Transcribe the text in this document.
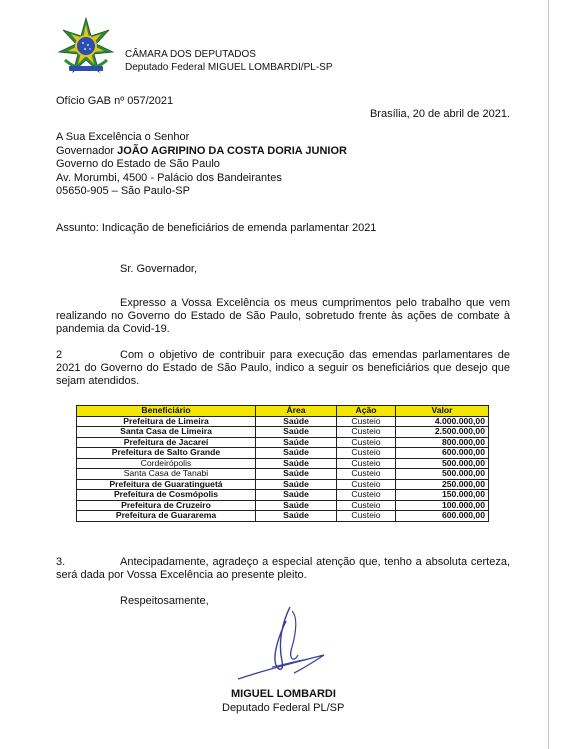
CÂMARA DOS DEPUTADOS
Deputado Federal MIGUEL LOMBARDI/PL-SP
Ofício GAB nº 057/2021
Brasília, 20 de abril de 2021.
A Sua Excelência o Senhor
Governador JOÃO AGRIPINO DA COSTA DORIA JUNIOR
Governo do Estado de São Paulo
Av. Morumbi, 4500 - Palácio dos Bandeirantes
05650-905 – São Paulo-SP
Assunto: Indicação de beneficiários de emenda parlamentar 2021
Sr. Governador,
Expresso a Vossa Excelência os meus cumprimentos pelo trabalho que vem realizando no Governo do Estado de São Paulo, sobretudo frente às ações de combate à pandemia da Covid-19.
2	Com o objetivo de contribuir para execução das emendas parlamentares de 2021 do Governo do Estado de São Paulo, indico a seguir os beneficiários que desejo que sejam atendidos.
Beneficiário	Área	Ação	Valor
Prefeitura de Limeira	Saúde	Custeio	4.000.000,00
Santa Casa de Limeira	Saúde	Custeio	2.500.000,00
Prefeitura de Jacareí	Saúde	Custeio	800.000,00
Prefeitura de Salto Grande	Saúde	Custeio	600.000,00
Cordeirópolis	Saúde	Custeio	500.000,00
Santa Casa de Tanabi	Saúde	Custeio	500.000,00
Prefeitura de Guaratinguetá	Saúde	Custeio	250.000,00
Prefeitura de Cosmópolis	Saúde	Custeio	150.000,00
Prefeitura de Cruzeiro	Saúde	Custeio	100.000,00
Prefeitura de Guararema	Saúde	Custeio	600.000,00
3.	Antecipadamente, agradeço a especial atenção que, tenho a absoluta certeza, será dada por Vossa Excelência ao presente pleito.
Respeitosamente,
MIGUEL LOMBARDI
Deputado Federal PL/SP
